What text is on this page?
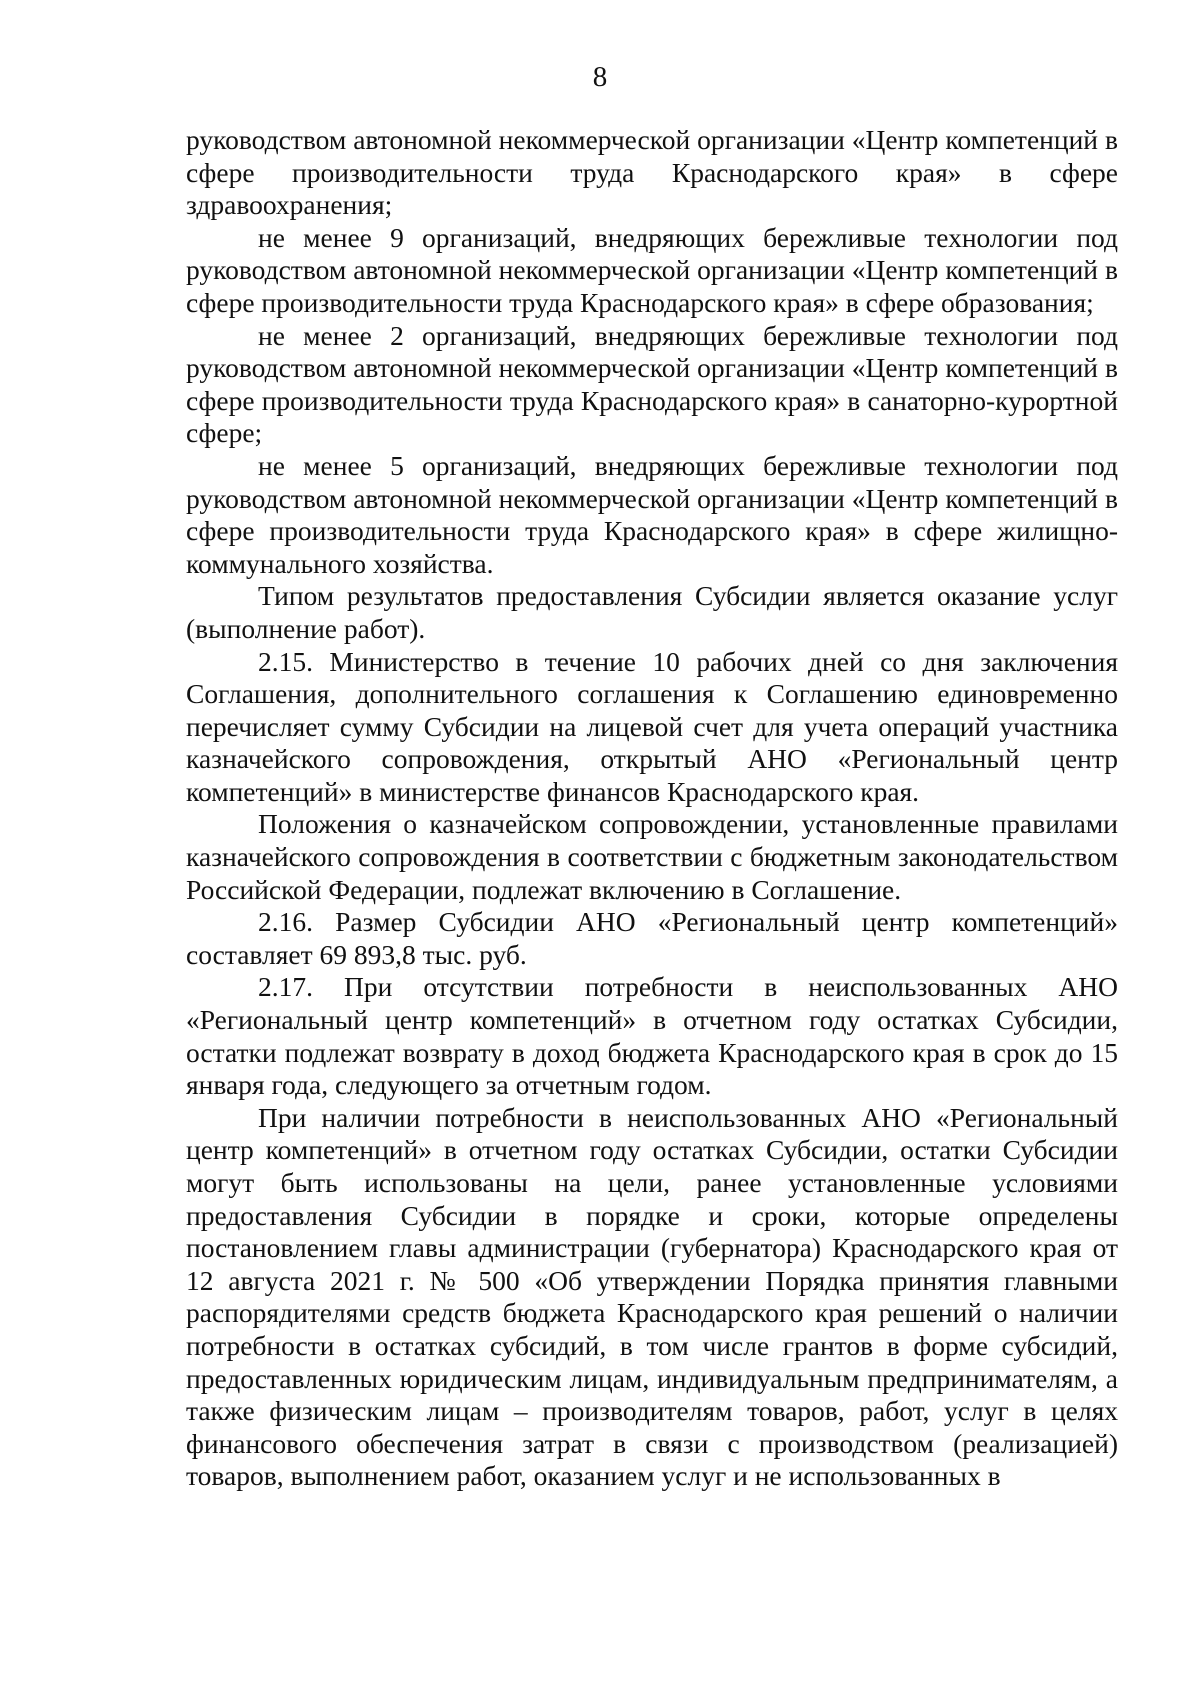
8

руководством автономной некоммерческой организации «Центр компетенций в сфере производительности труда Краснодарского края» в сфере здравоохранения;

не менее 9 организаций, внедряющих бережливые технологии под руководством автономной некоммерческой организации «Центр компетенций в сфере производительности труда Краснодарского края» в сфере образования;

не менее 2 организаций, внедряющих бережливые технологии под руководством автономной некоммерческой организации «Центр компетенций в сфере производительности труда Краснодарского края» в санаторно-курортной сфере;

не менее 5 организаций, внедряющих бережливые технологии под руководством автономной некоммерческой организации «Центр компетенций в сфере производительности труда Краснодарского края» в сфере жилищно-коммунального хозяйства.

Типом результатов предоставления Субсидии является оказание услуг (выполнение работ).

2.15. Министерство в течение 10 рабочих дней со дня заключения Соглашения, дополнительного соглашения к Соглашению единовременно перечисляет сумму Субсидии на лицевой счет для учета операций участника казначейского сопровождения, открытый АНО «Региональный центр компетенций» в министерстве финансов Краснодарского края.

Положения о казначейском сопровождении, установленные правилами казначейского сопровождения в соответствии с бюджетным законодательством Российской Федерации, подлежат включению в Соглашение.

2.16. Размер Субсидии АНО «Региональный центр компетенций» составляет 69 893,8 тыс. руб.

2.17. При отсутствии потребности в неиспользованных АНО «Региональный центр компетенций» в отчетном году остатках Субсидии, остатки подлежат возврату в доход бюджета Краснодарского края в срок до 15 января года, следующего за отчетным годом.

При наличии потребности в неиспользованных АНО «Региональный центр компетенций» в отчетном году остатках Субсидии, остатки Субсидии могут быть использованы на цели, ранее установленные условиями предоставления Субсидии в порядке и сроки, которые определены постановлением главы администрации (губернатора) Краснодарского края от 12 августа 2021 г. № 500 «Об утверждении Порядка принятия главными распорядителями средств бюджета Краснодарского края решений о наличии потребности в остатках субсидий, в том числе грантов в форме субсидий, предоставленных юридическим лицам, индивидуальным предпринимателям, а также физическим лицам – производителям товаров, работ, услуг в целях финансового обеспечения затрат в связи с производством (реализацией) товаров, выполнением работ, оказанием услуг и не использованных в
